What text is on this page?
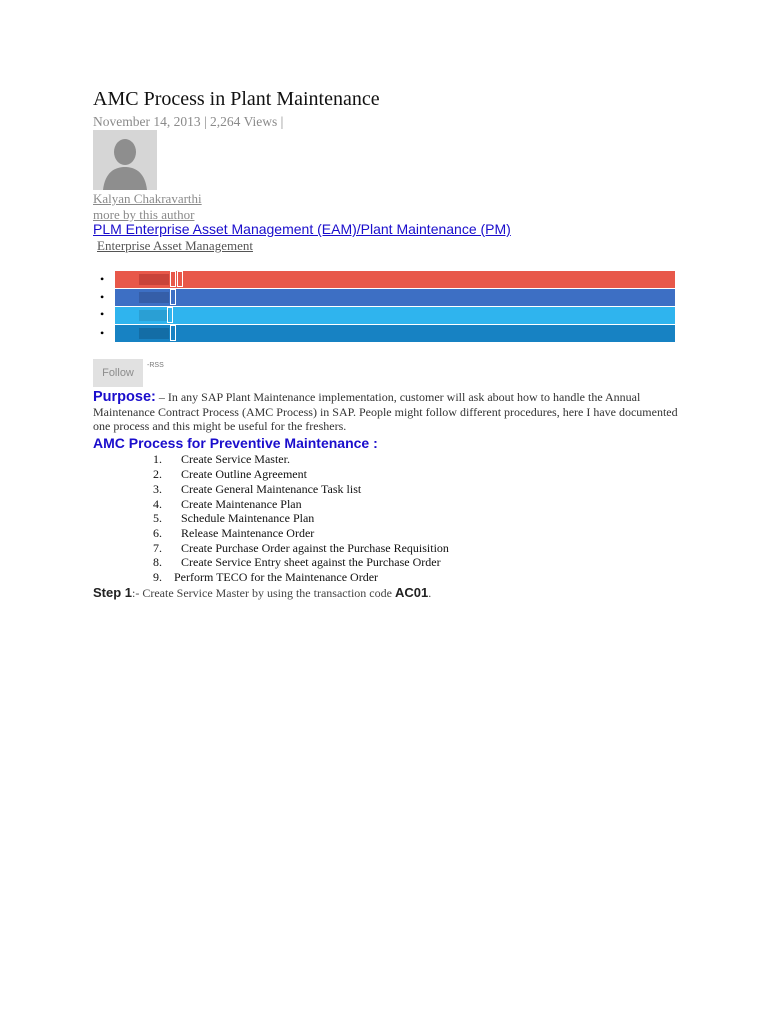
AMC Process in Plant Maintenance
November 14, 2013 | 2,264 Views |
Kalyan Chakravarthi
more by this author
PLM Enterprise Asset Management (EAM)/Plant Maintenance (PM)
Enterprise Asset Management
•
•
•
•
Follow
-RSS
Purpose: – In any SAP Plant Maintenance implementation, customer will ask about how to handle the Annual Maintenance Contract Process (AMC Process) in SAP. People might follow different procedures, here I have documented one process and this might be useful for the freshers.
AMC Process for Preventive Maintenance :
1. Create Service Master.
2. Create Outline Agreement
3. Create General Maintenance Task list
4. Create Maintenance Plan
5. Schedule Maintenance Plan
6. Release Maintenance Order
7. Create Purchase Order against the Purchase Requisition
8. Create Service Entry sheet against the Purchase Order
9. Perform TECO for the Maintenance Order
Step 1:- Create Service Master by using the transaction code AC01.
